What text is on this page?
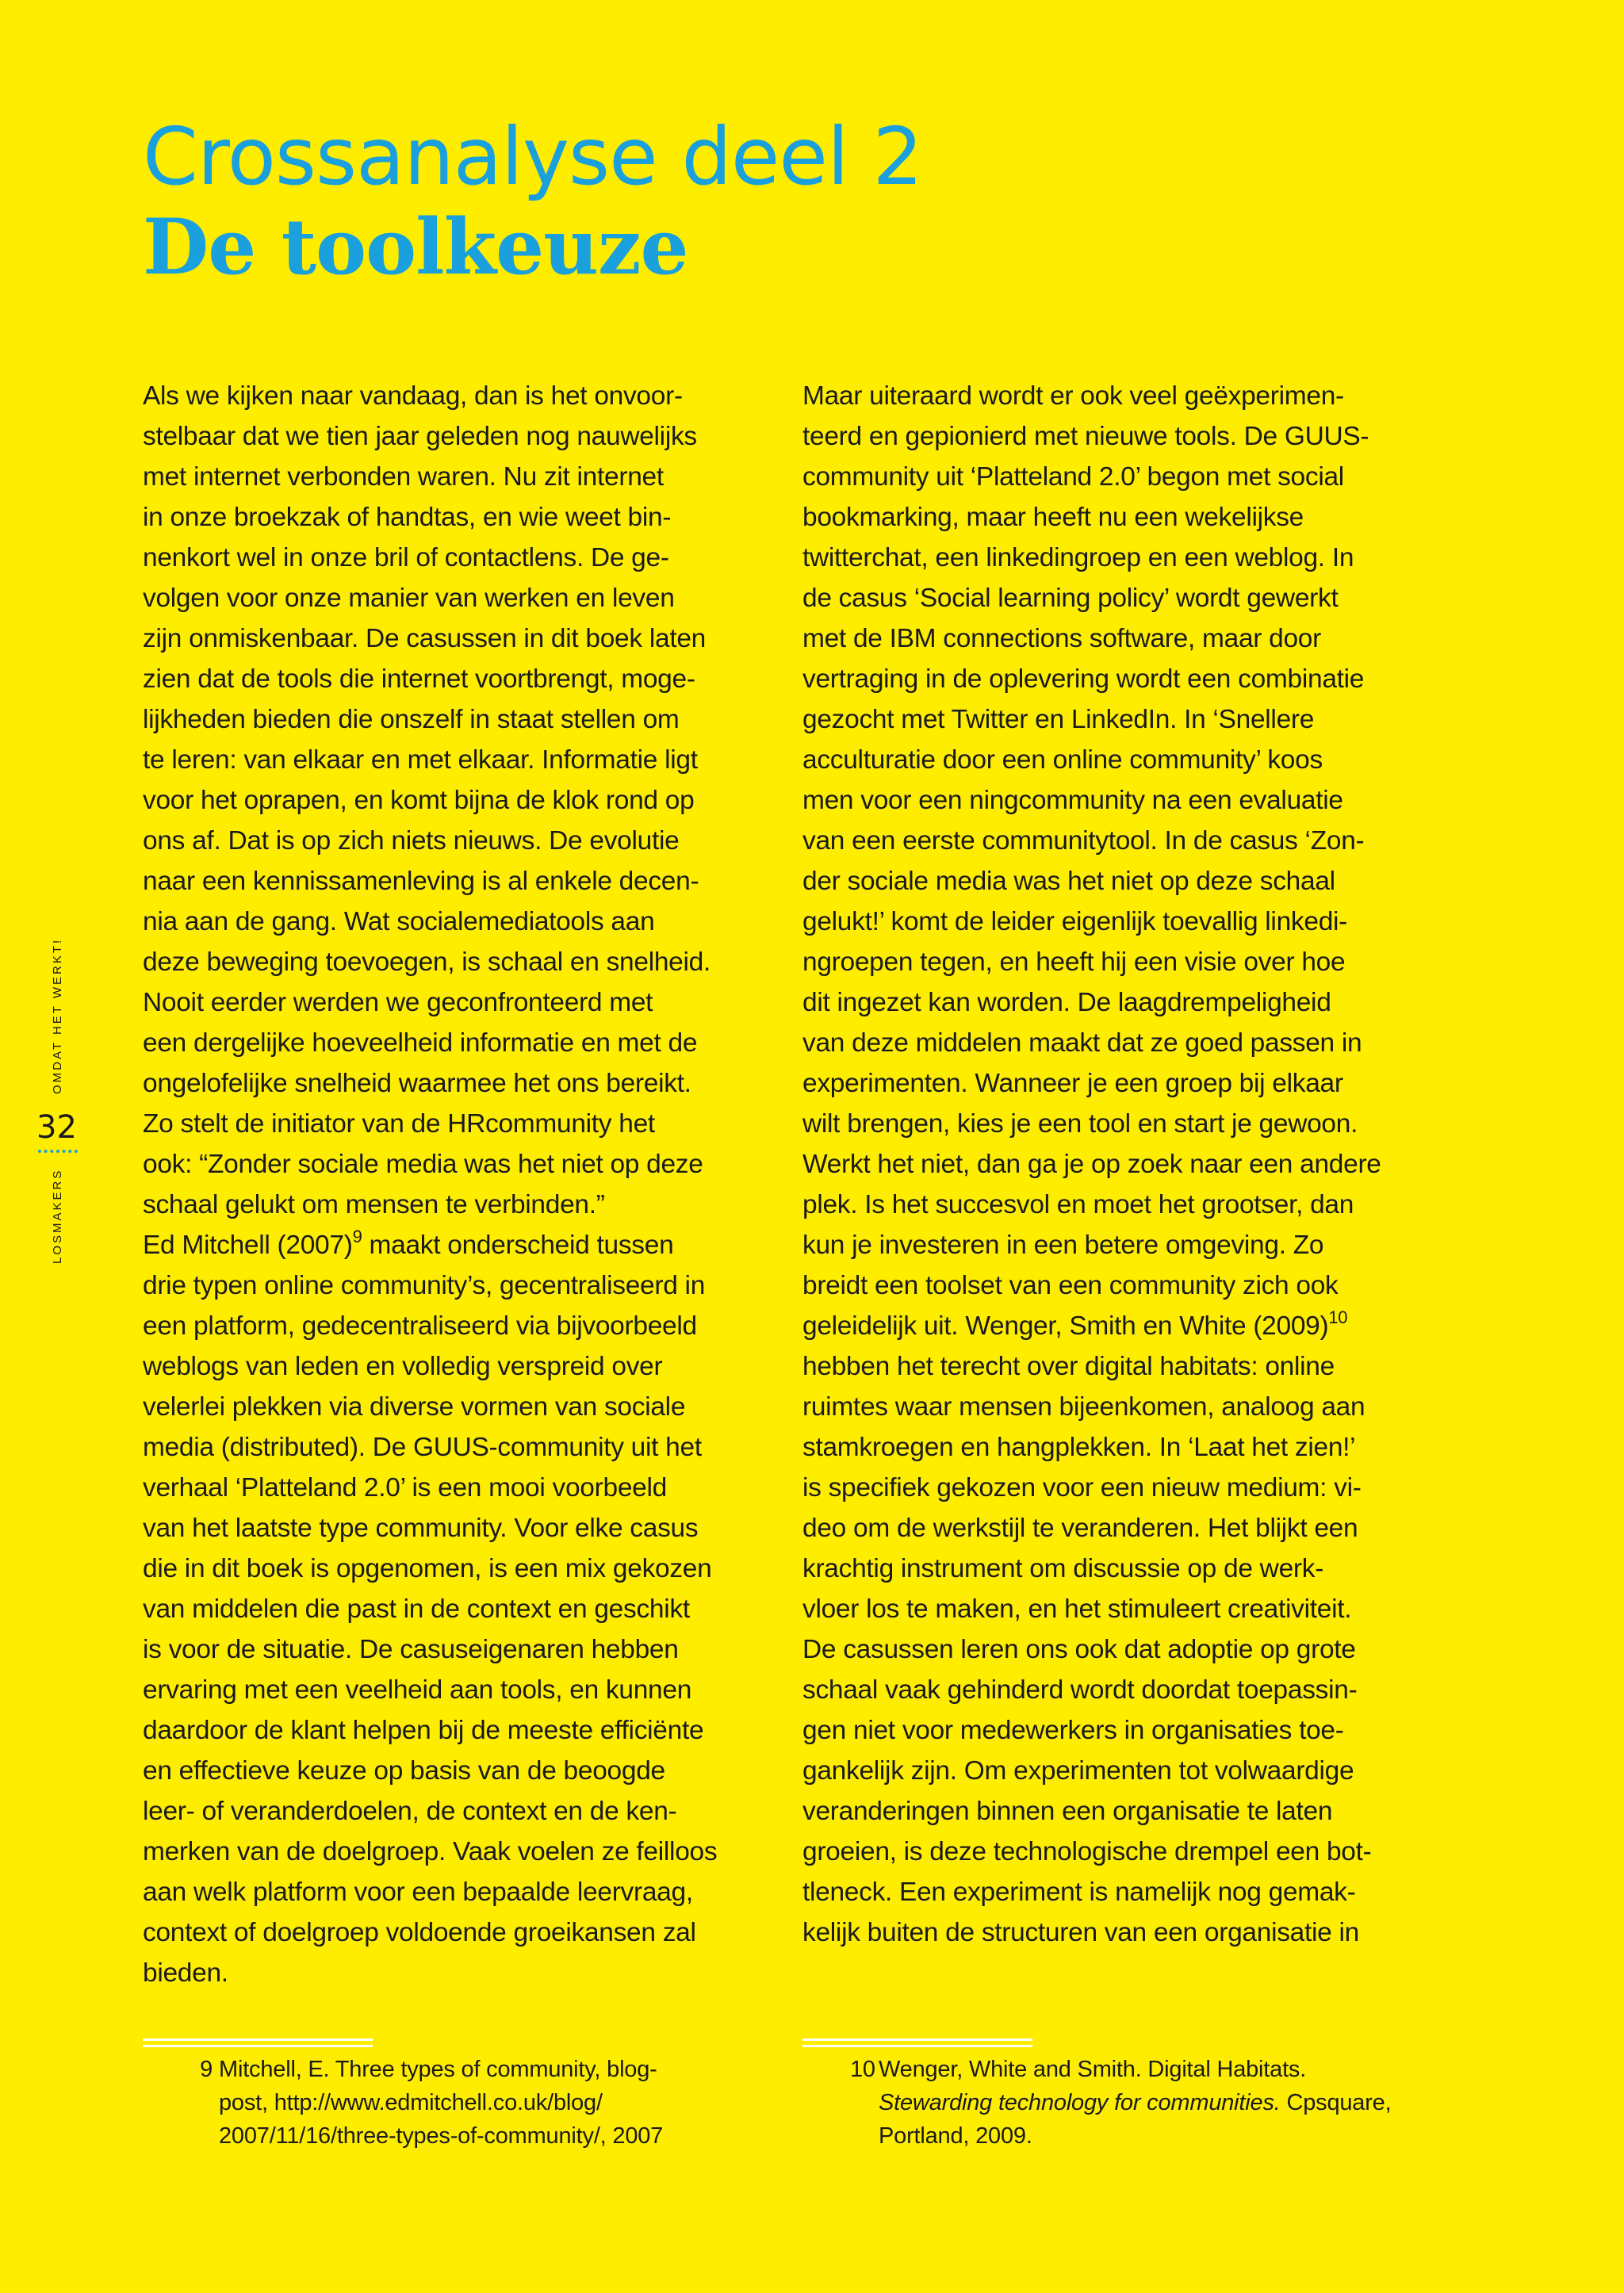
Crossanalyse deel 2
De toolkeuze
OMDAT HET WERKT!
32
LOSMAKERS
Als we kijken naar vandaag, dan is het onvoor-
stelbaar dat we tien jaar geleden nog nauwelijks
met internet verbonden waren. Nu zit internet
in onze broekzak of handtas, en wie weet bin-
nenkort wel in onze bril of contactlens. De ge-
volgen voor onze manier van werken en leven
zijn onmiskenbaar. De casussen in dit boek laten
zien dat de tools die internet voortbrengt, moge-
lijkheden bieden die onszelf in staat stellen om
te leren: van elkaar en met elkaar. Informatie ligt
voor het oprapen, en komt bijna de klok rond op
ons af. Dat is op zich niets nieuws. De evolutie
naar een kennissamenleving is al enkele decen-
nia aan de gang. Wat socialemediatools aan
deze beweging toevoegen, is schaal en snelheid.
Nooit eerder werden we geconfronteerd met
een dergelijke hoeveelheid informatie en met de
ongelofelijke snelheid waarmee het ons bereikt.
Zo stelt de initiator van de HRcommunity het
ook: “Zonder sociale media was het niet op deze
schaal gelukt om mensen te verbinden.”
Ed Mitchell $(2007)^9$ maakt onderscheid tussen
drie typen online community’s, gecentraliseerd in
een platform, gedecentraliseerd via bijvoorbeeld
weblogs van leden en volledig verspreid over
velerlei plekken via diverse vormen van sociale
media (distributed). De GUUS-community uit het
verhaal ‘Platteland 2.0’ is een mooi voorbeeld
van het laatste type community. Voor elke casus
die in dit boek is opgenomen, is een mix gekozen
van middelen die past in de context en geschikt
is voor de situatie. De casuseigenaren hebben
ervaring met een veelheid aan tools, en kunnen
daardoor de klant helpen bij de meeste efficiënte
en effectieve keuze op basis van de beoogde
leer- of veranderdoelen, de context en de ken-
merken van de doelgroep. Vaak voelen ze feilloos
aan welk platform voor een bepaalde leervraag,
context of doelgroep voldoende groeikansen zal
bieden.
Maar uiteraard wordt er ook veel geëxperimen-
teerd en gepionierd met nieuwe tools. De GUUS-
community uit ‘Platteland 2.0’ begon met social
bookmarking, maar heeft nu een wekelijkse
twitterchat, een linkedingroep en een weblog. In
de casus ‘Social learning policy’ wordt gewerkt
met de IBM connections software, maar door
vertraging in de oplevering wordt een combinatie
gezocht met Twitter en LinkedIn. In ‘Snellere
acculturatie door een online community’ koos
men voor een ningcommunity na een evaluatie
van een eerste communitytool. In de casus ‘Zon-
der sociale media was het niet op deze schaal
gelukt!’ komt de leider eigenlijk toevallig linkedi-
ngroepen tegen, en heeft hij een visie over hoe
dit ingezet kan worden. De laagdrempeligheid
van deze middelen maakt dat ze goed passen in
experimenten. Wanneer je een groep bij elkaar
wilt brengen, kies je een tool en start je gewoon.
Werkt het niet, dan ga je op zoek naar een andere
plek. Is het succesvol en moet het grootser, dan
kun je investeren in een betere omgeving. Zo
breidt een toolset van een community zich ook
geleidelijk uit. Wenger, Smith en White $(2009)^{10}$
hebben het terecht over digital habitats: online
ruimtes waar mensen bijeenkomen, analoog aan
stamkroegen en hangplekken. In ‘Laat het zien!’
is specifiek gekozen voor een nieuw medium: vi-
deo om de werkstijl te veranderen. Het blijkt een
krachtig instrument om discussie op de werk-
vloer los te maken, en het stimuleert creativiteit.
De casussen leren ons ook dat adoptie op grote
schaal vaak gehinderd wordt doordat toepassin-
gen niet voor medewerkers in organisaties toe-
gankelijk zijn. Om experimenten tot volwaardige
veranderingen binnen een organisatie te laten
groeien, is deze technologische drempel een bot-
tleneck. Een experiment is namelijk nog gemak-
kelijk buiten de structuren van een organisatie in
9 Mitchell, E. Three types of community, blog-
post, http://www.edmitchell.co.uk/blog/
2007/11/16/three-types-of-community/, 2007
10 Wenger, White and Smith. Digital Habitats.
Stewarding technology for communities. Cpsquare,
Portland, 2009.
